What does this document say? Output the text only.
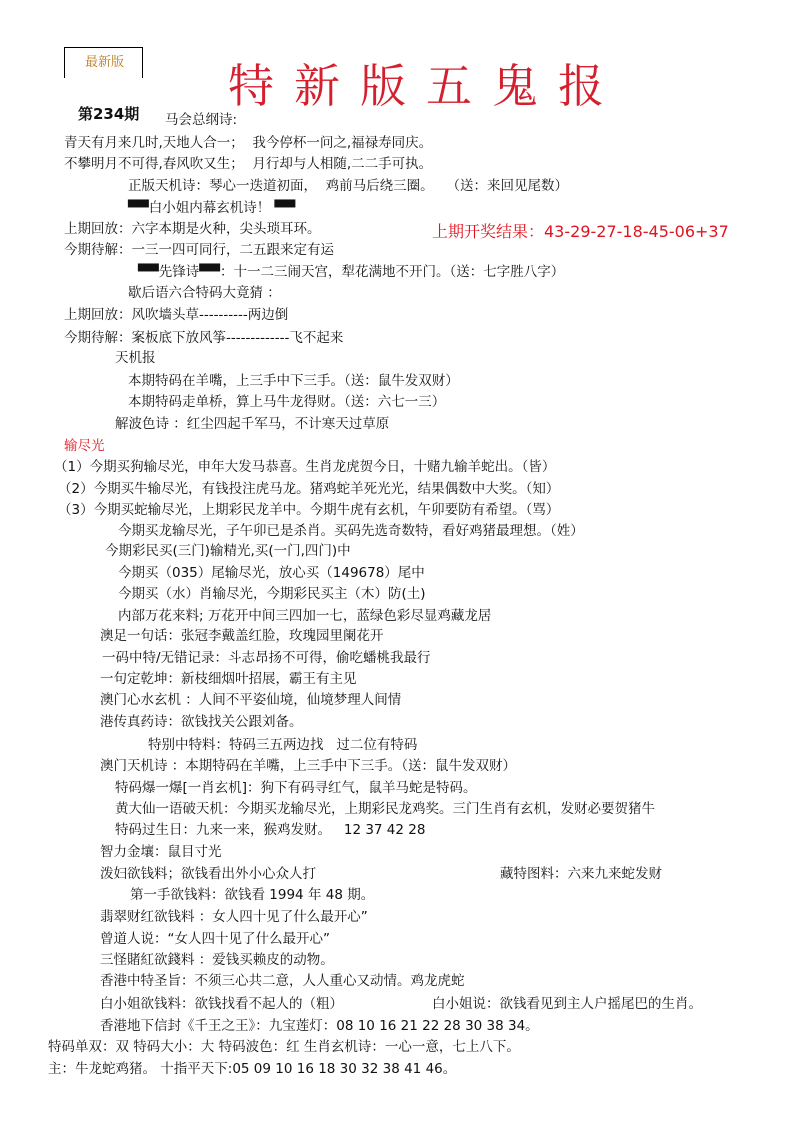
最新版 特新版五鬼报
第234期
上期开奖结果：43-29-27-18-45-06+37
马会总纲诗:
青天有月来几时,天地人合一；  我今停杯一问之,福禄寿同庆。
不攀明月不可得,春风吹又生；  月行却与人相随,二二手可执。
正版天机诗：琴心一迭道初面，  鸡前马后绕三圈。   （送：来回见尾数）
▀▀白小姐内幕玄机诗！ ▀▀
上期回放：六字本期是火种，尖头琐耳环。
今期待解：一三一四可同行，二五跟来定有运
▀▀先锋诗▀▀：十一二三闹天宫，犁花满地不开门。（送：七字胜八字）
歇后语六合特码大竟猜 ：
上期回放：风吹墙头草----------两边倒
今期待解：案板底下放风筝-------------飞不起来
天机报
本期特码在羊嘴，上三手中下三手。（送：鼠牛发双财）
本期特码走单桥，算上马牛龙得财。（送：六七一三）
解波色诗 ：红尘四起千军马，不计寒天过草原
输尽光
（1）今期买狗输尽光，申年大发马恭喜。生肖龙虎贺今日，十赌九输羊蛇出。（皆）
（2）今期买牛输尽光，有钱投注虎马龙。猪鸡蛇羊死光光，结果偶数中大奖。（知）
（3）今期买蛇输尽光，上期彩民龙羊中。今期牛虎有玄机，午卯要防有希望。（骂）
今期买龙输尽光，子午卯已是杀肖。买码先选奇数特，看好鸡猪最理想。（姓）
今期彩民买(三门)输精光,买(一门,四门)中
今期买（035）尾输尽光，放心买（149678）尾中
今期买（水）肖输尽光，今期彩民买主（木）防(土)
内部万花来料; 万花开中间三四加一七，蓝绿色彩尽显鸡藏龙居
澳足一句话：张冠李戴盖红脸，玫瑰园里阑花开
一码中特/无错记录：斗志昂扬不可得，偷吃蟠桃我最行
一句定乾坤：新枝细烟叶招展，霸王有主见
澳门心水玄机 ：人间不平姿仙境，仙境梦理人间情
港传真药诗：欲钱找关公跟刘备。
特别中特料：特码三五两边找   过二位有特码
澳门天机诗 ：本期特码在羊嘴，上三手中下三手。（送：鼠牛发双财）
特码爆一爆[一肖玄机]：狗下有码寻红气，鼠羊马蛇是特码。
黄大仙一语破天机：今期买龙输尽光，上期彩民龙鸡奖。三门生肖有玄机，发财必要贺猪牛
特码过生日：九来一来，猴鸡发财。   12 37 42 28
智力金壤：鼠目寸光
泼妇欲钱料；欲钱看出外小心众人打	藏特图料：六来九来蛇发财
第一手欲钱料：欲钱看 1994 年 48 期。
翡翠财红欲钱料 ：女人四十见了什么最开心”
曾道人说：“女人四十见了什么最开心”
三怪賭紅欲錢料 ：爱钱买赖皮的动物。
香港中特圣旨：不须三心共二意，人人重心又动情。鸡龙虎蛇
白小姐欲钱料：欲钱找看不起人的（粗）	白小姐说：欲钱看见到主人户摇尾巴的生肖。
香港地下信封《千王之王》：九宝莲灯：08 10 16 21 22 28 30 38 34。
特码单双：双 特码大小：大 特码波色：红 生肖玄机诗：一心一意，七上八下。
主：牛龙蛇鸡猪。 十指平天下:05 09 10 16 18 30 32 38 41 46。
